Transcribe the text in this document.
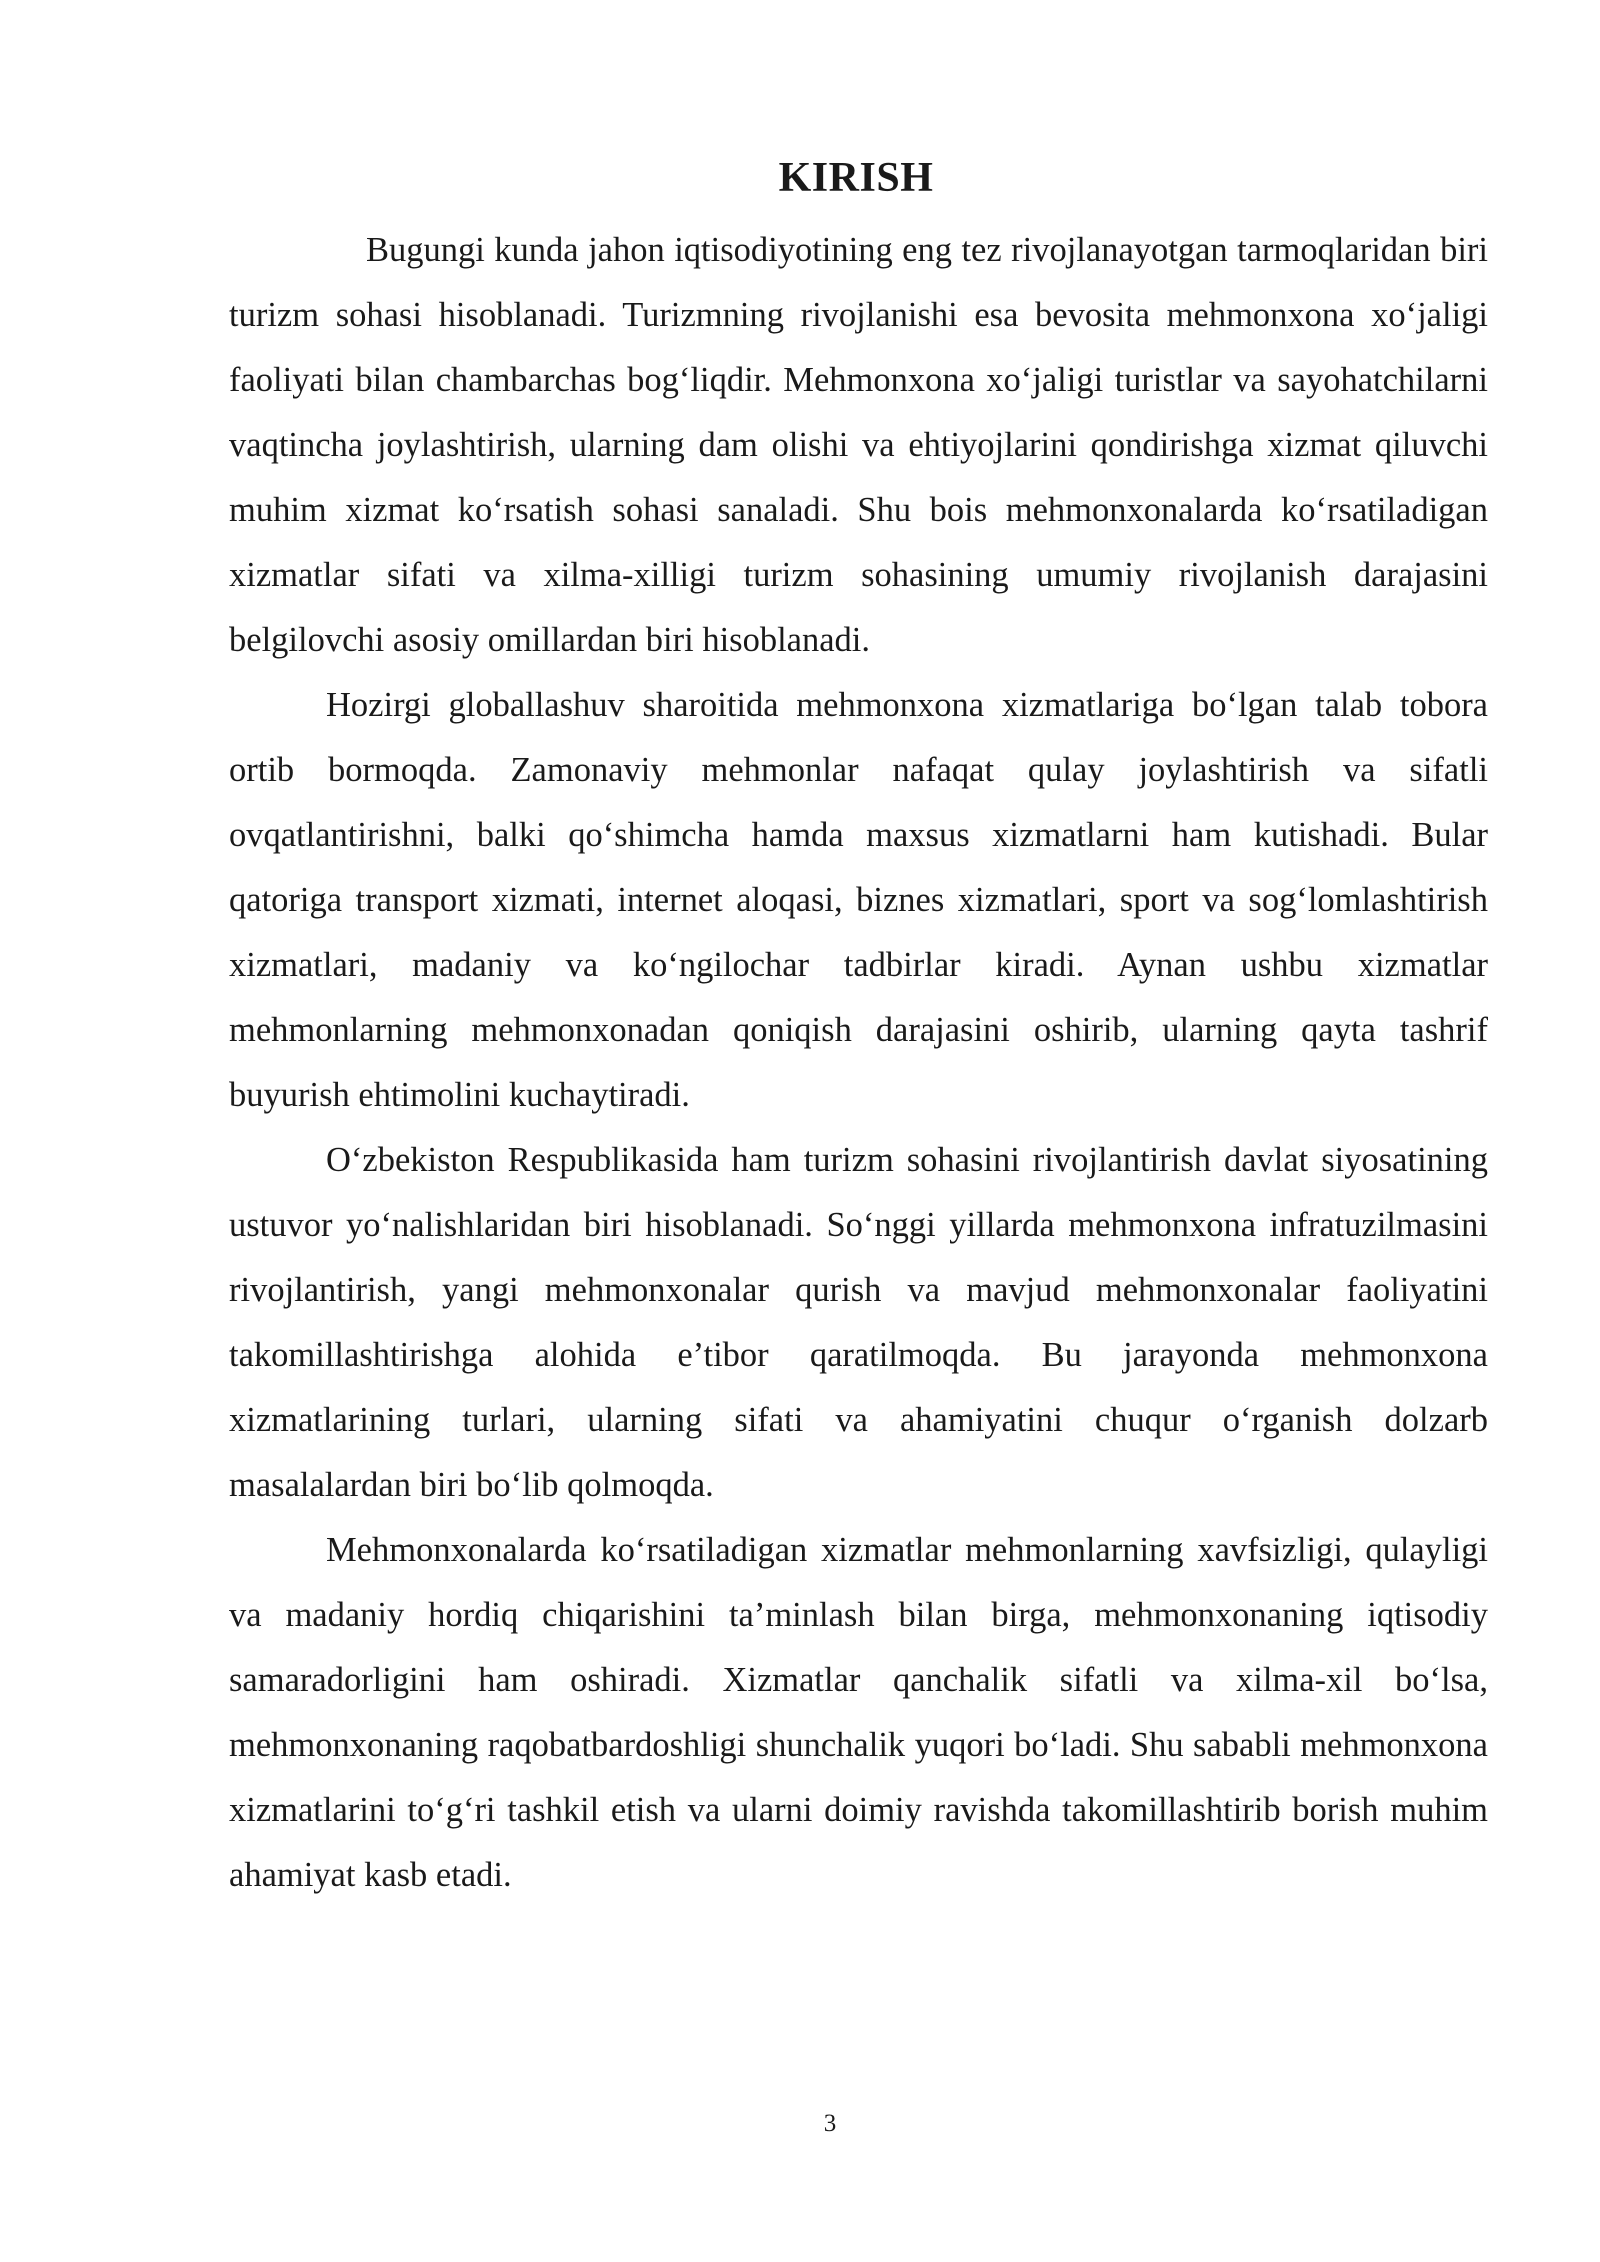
KIRISH

Bugungi kunda jahon iqtisodiyotining eng tez rivojlanayotgan tarmoqlaridan biri turizm sohasi hisoblanadi. Turizmning rivojlanishi esa bevosita mehmonxona xo‘jaligi faoliyati bilan chambarchas bog‘liqdir. Mehmonxona xo‘jaligi turistlar va sayohatchilarni vaqtincha joylashtirish, ularning dam olishi va ehtiyojlarini qondirishga xizmat qiluvchi muhim xizmat ko‘rsatish sohasi sanaladi. Shu bois mehmonxonalarda ko‘rsatiladigan xizmatlar sifati va xilma-xilligi turizm sohasining umumiy rivojlanish darajasini belgilovchi asosiy omillardan biri hisoblanadi.

Hozirgi globallashuv sharoitida mehmonxona xizmatlariga bo‘lgan talab tobora ortib bormoqda. Zamonaviy mehmonlar nafaqat qulay joylashtirish va sifatli ovqatlantirishni, balki qo‘shimcha hamda maxsus xizmatlarni ham kutishadi. Bular qatoriga transport xizmati, internet aloqasi, biznes xizmatlari, sport va sog‘lomlashtirish xizmatlari, madaniy va ko‘ngilochar tadbirlar kiradi. Aynan ushbu xizmatlar mehmonlarning mehmonxonadan qoniqish darajasini oshirib, ularning qayta tashrif buyurish ehtimolini kuchaytiradi.

O‘zbekiston Respublikasida ham turizm sohasini rivojlantirish davlat siyosatining ustuvor yo‘nalishlaridan biri hisoblanadi. So‘nggi yillarda mehmonxona infratuzilmasini rivojlantirish, yangi mehmonxonalar qurish va mavjud mehmonxonalar faoliyatini takomillashtirishga alohida e’tibor qaratilmoqda. Bu jarayonda mehmonxona xizmatlarining turlari, ularning sifati va ahamiyatini chuqur o‘rganish dolzarb masalalardan biri bo‘lib qolmoqda.

Mehmonxonalarda ko‘rsatiladigan xizmatlar mehmonlarning xavfsizligi, qulayligi va madaniy hordiq chiqarishini ta’minlash bilan birga, mehmonxonaning iqtisodiy samaradorligini ham oshiradi. Xizmatlar qanchalik sifatli va xilma-xil bo‘lsa, mehmonxonaning raqobatbardoshligi shunchalik yuqori bo‘ladi. Shu sababli mehmonxona xizmatlarini to‘g‘ri tashkil etish va ularni doimiy ravishda takomillashtirib borish muhim ahamiyat kasb etadi.

3
